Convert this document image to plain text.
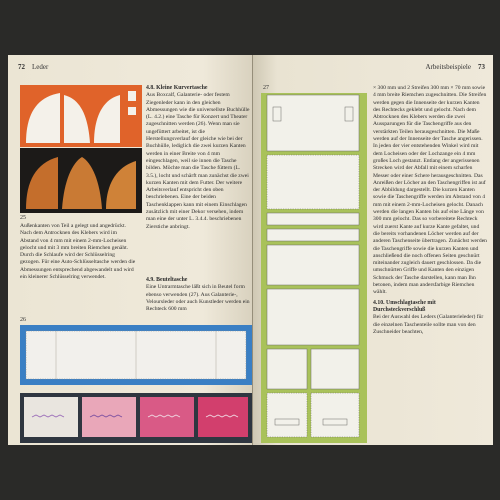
72 Leder
25
Außenkanten von Teil a gelegt und angedrückt. Nach dem Antrocknen des Klebers wird im Abstand von 4 mm mit einem 2-mm-Locheisen gelocht und mit 3 mm breiten Riemchen genäht. Durch die Schlaufe wird der Schlüsselring gezogen. Für eine Auto-Schlüsseltasche werden die Abmessungen entsprechend abgewandelt und wird ein kleinerer Schlüsselring verwendet.

4.8. Kleine Kurvertasche

Aus Boxcalf, Galanterie- oder festem Ziegenleder kann in den gleichen Abmessungen wie die universellste Buchhülle (L. 4.2.) eine Tasche für Konzert und Theater zugeschnitten werden (26). Wenn man sie ungefüttert arbeitet, ist die Herstellungsverlauf der gleiche wie bei der Buchhülle, lediglich die zwei kurzen Kanten werden in einer Breite von 4 mm eingeschlagen, weil sie innen die Tasche bilden. Möchte man die Tasche füttern (L. 3.5.), locht und schärft man zunächst die zwei kurzen Kanten mit dem Futter. Der weitere Arbeitsverlauf entspricht den oben beschriebenen. Eine der beiden Taschenklappen kann mit einem Einschlagen zusätzlich mit einer Dekor versehen, indem man eine der unter L. 3.4.4. beschriebenen Zierstiche anbringt.

4.9. Beuteltasche

Eine Untrarmtasche läßt sich in Beutel form ebenso verwenden (27). Aus Galanterie-, Veloursleder oder auch Kunstleder werden ein Rechteck 600 mm

26
Arbeitsbeispiele 73
27	× 300 mm und 2 Streifen 300 mm × 70 mm sowie 4 mm breite Riemchen zugeschnitten. Die Streifen werden gegen die Innenseite der kurzen Kanten des Rechtecks geklebt und gelocht. Nach dem Abtrocknen des Klebers werden die zwei Aussparungen für die Taschengriffe aus den verstärkten Teilen herausgeschnitten. Die Maße werden auf der Innenseite der Tasche angerissen. In jeden der vier entstehenden Winkel wird mit dem Locheisen oder der Lochzange ein 4 mm großes Loch gestanzt. Entlang der angerissenen Strecken wird der Abfall mit einem scharfen Messer oder einer Schere herausgeschnitten. Das Anreißen der Löcher an den Taschengriffen ist auf der Abbildung dargestellt. Die kurzen Kanten sowie die Taschengriffe werden im Abstand von 4 mm mit einem 2-mm-Locheisen gelocht. Danach werden die langen Kanten bis auf eine Länge von 300 mm gelocht. Das so vorbereitete Rechteck wird zuerst Kante auf kurze Kante gefaltet, und die bereits vorhandenen Löcher werden auf der anderen Taschenseite übertragen. Zunächst werden die Taschengriffe sowie die kurzen Kanten und anschließend die noch offenen Seiten geschnürt miteinander zugleich dauert geschlossen. Da die umschnürten Griffe und Kanten den einzigen Schmuck der Tasche darstellen, kann man Ihn betonen, indem man andersfarbige Riemchen wählt.

4.10. Umschlagtasche mit Durchsteckverschluß

Bei der Auswahl des Leders (Galanterieleder) für die einzelnen Taschenteile sollte man von den Zuschneider beachten,
